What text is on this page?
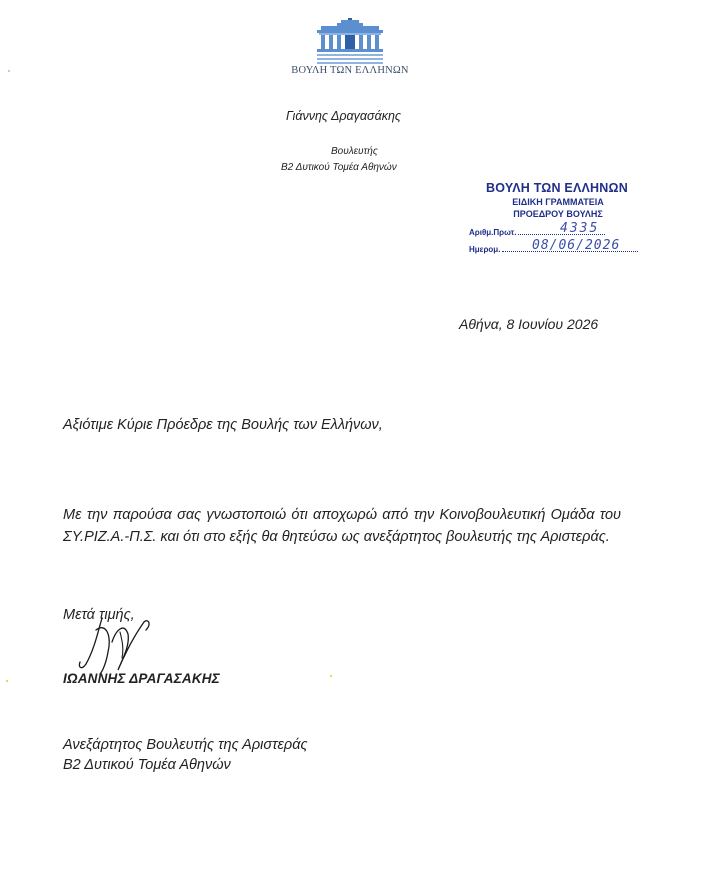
ΒΟΥΛΗ ΤΩΝ ΕΛΛΗΝΩΝ
Γιάννης Δραγασάκης
Βουλευτής
Β2 Δυτικού Τομέα Αθηνών
ΒΟΥΛΗ ΤΩΝ ΕΛΛΗΝΩΝ
ΕΙΔΙΚΗ ΓΡΑΜΜΑΤΕΙΑ
ΠΡΟΕΔΡΟΥ ΒΟΥΛΗΣ
Αριθμ.Πρωτ.
Ημερομ.
4335
08/06/2026
Αθήνα, 8 Ιουνίου 2026
Αξιότιμε Κύριε Πρόεδρε της Βουλής των Ελλήνων,
Με την παρούσα σας γνωστοποιώ ότι αποχωρώ από την Κοινοβουλευτική Ομάδα του ΣΥ.ΡΙΖ.Α.-Π.Σ. και ότι στο εξής θα θητεύσω ως ανεξάρτητος βουλευτής της Αριστεράς.
Μετά τιμής,
ΙΩΑΝΝΗΣ ΔΡΑΓΑΣΑΚΗΣ
Ανεξάρτητος Βουλευτής της Αριστεράς
Β2 Δυτικού Τομέα Αθηνών
